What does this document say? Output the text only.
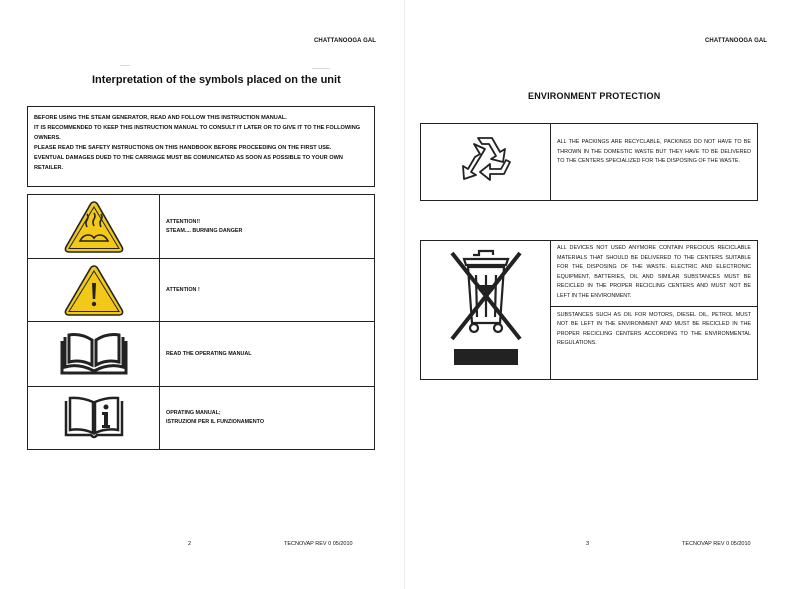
CHATTANOOGA GAL
Interpretation of the symbols placed on the unit

BEFORE USING THE STEAM GENERATOR, READ AND FOLLOW THIS INSTRUCTION MANUAL.

IT IS RECOMMENDED TO KEEP THIS INSTRUCTION MANUAL TO CONSULT IT LATER OR TO GIVE IT TO THE FOLLOWING OWNERS.

PLEASE READ THE SAFETY INSTRUCTIONS ON THIS HANDBOOK BEFORE PROCEEDING ON THE FIRST USE.

EVENTUAL DAMAGES DUED TO THE CARRIAGE MUST BE COMUNICATED AS SOON AS POSSIBLE TO YOUR OWN RETAILER.

ATTENTION!!
STEAM.... BURNING DANGER
ATTENTION !
READ THE OPERATING MANUAL
OPRATING MANUAL;
ISTRUZIONI PER IL FUNZIONAMENTO
2	TECNOVAP REV 0 05/2010
CHATTANOOGA GAL
ENVIRONMENT PROTECTION
ALL THE PACKINGS ARE RECYCLABLE, PACKINGS DO NOT HAVE TO BE THROWN IN THE DOMESTIC WASTE BUT THEY HAVE TO BE DELIVERED TO THE CENTERS SPECIALIZED FOR THE DISPOSING OF THE WASTE.
ALL DEVICES NOT USED ANYMORE CONTAIN PRECIOUS RECICLABLE MATERIALS THAT SHOULD BE DELIVERED TO THE CENTERS SUITABLE FOR THE DISPOSING OF THE WASTE. ELECTRIC AND ELECTRONIC EQUIPMENT, BATTERIES, OIL AND SIMILAR SUBSTANCES MUST BE RECICLED IN THE PROPER RECICLING CENTERS AND MUST NOT BE LEFT IN THE ENVIRONMENT.
SUBSTANCES SUCH AS OIL FOR MOTORS, DIESEL OIL, PETROL MUST NOT BE LEFT IN THE ENVIRONMENT AND MUST BE RECICLED IN THE PROPER RECICLING CENTERS ACCORDING TO THE ENVIRONMENTAL REGULATIONS.
3	TECNOVAP REV 0 05/2010
